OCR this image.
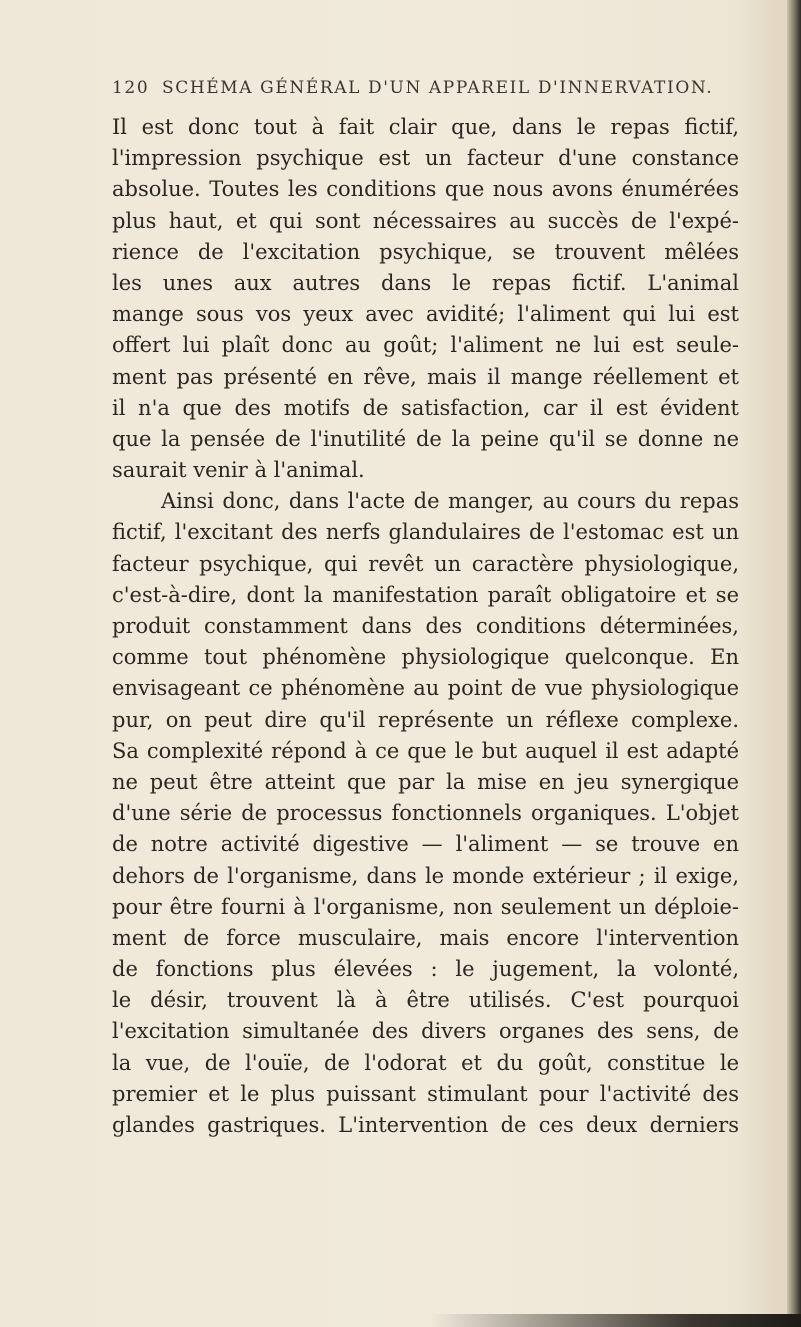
120 SCHÉMA GÉNÉRAL D'UN APPAREIL D'INNERVATION.
Il est donc tout à fait clair que, dans le repas fictif,
l'impression psychique est un facteur d'une constance
absolue. Toutes les conditions que nous avons énumérées
plus haut, et qui sont nécessaires au succès de l'expé-
rience de l'excitation psychique, se trouvent mêlées
les unes aux autres dans le repas fictif. L'animal
mange sous vos yeux avec avidité; l'aliment qui lui est
offert lui plaît donc au goût; l'aliment ne lui est seule-
ment pas présenté en rêve, mais il mange réellement et
il n'a que des motifs de satisfaction, car il est évident
que la pensée de l'inutilité de la peine qu'il se donne ne
saurait venir à l'animal.
Ainsi donc, dans l'acte de manger, au cours du repas
fictif, l'excitant des nerfs glandulaires de l'estomac est un
facteur psychique, qui revêt un caractère physiologique,
c'est-à-dire, dont la manifestation paraît obligatoire et se
produit constamment dans des conditions déterminées,
comme tout phénomène physiologique quelconque. En
envisageant ce phénomène au point de vue physiologique
pur, on peut dire qu'il représente un réflexe complexe.
Sa complexité répond à ce que le but auquel il est adapté
ne peut être atteint que par la mise en jeu synergique
d'une série de processus fonctionnels organiques. L'objet
de notre activité digestive — l'aliment — se trouve en
dehors de l'organisme, dans le monde extérieur ; il exige,
pour être fourni à l'organisme, non seulement un déploie-
ment de force musculaire, mais encore l'intervention
de fonctions plus élevées : le jugement, la volonté,
le désir, trouvent là à être utilisés. C'est pourquoi
l'excitation simultanée des divers organes des sens, de
la vue, de l'ouïe, de l'odorat et du goût, constitue le
premier et le plus puissant stimulant pour l'activité des
glandes gastriques. L'intervention de ces deux derniers
